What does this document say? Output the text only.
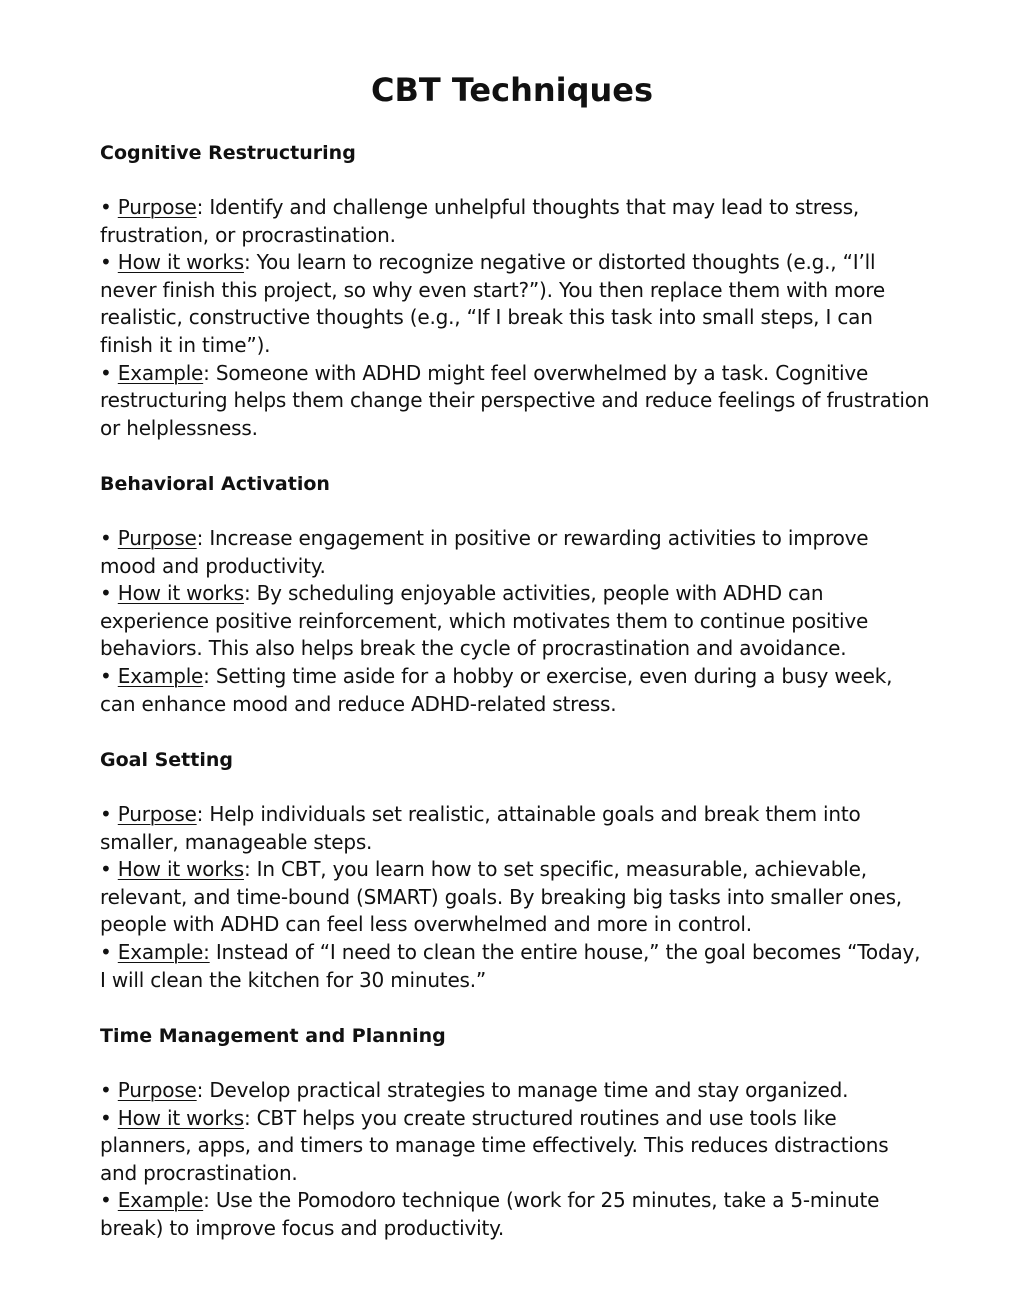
CBT Techniques

Cognitive Restructuring

• Purpose: Identify and challenge unhelpful thoughts that may lead to stress, frustration, or procrastination.

• How it works: You learn to recognize negative or distorted thoughts (e.g., “I’ll never finish this project, so why even start?”). You then replace them with more realistic, constructive thoughts (e.g., “If I break this task into small steps, I can finish it in time”).

• Example: Someone with ADHD might feel overwhelmed by a task. Cognitive restructuring helps them change their perspective and reduce feelings of frustration or helplessness.

Behavioral Activation

• Purpose: Increase engagement in positive or rewarding activities to improve mood and productivity.

• How it works: By scheduling enjoyable activities, people with ADHD can experience positive reinforcement, which motivates them to continue positive behaviors. This also helps break the cycle of procrastination and avoidance.

• Example: Setting time aside for a hobby or exercise, even during a busy week, can enhance mood and reduce ADHD-related stress.

Goal Setting

• Purpose: Help individuals set realistic, attainable goals and break them into smaller, manageable steps.

• How it works: In CBT, you learn how to set specific, measurable, achievable, relevant, and time-bound (SMART) goals. By breaking big tasks into smaller ones, people with ADHD can feel less overwhelmed and more in control.

• Example: Instead of “I need to clean the entire house,” the goal becomes “Today, I will clean the kitchen for 30 minutes.”

Time Management and Planning

• Purpose: Develop practical strategies to manage time and stay organized.

• How it works: CBT helps you create structured routines and use tools like planners, apps, and timers to manage time effectively. This reduces distractions and procrastination.

• Example: Use the Pomodoro technique (work for 25 minutes, take a 5-minute break) to improve focus and productivity.
